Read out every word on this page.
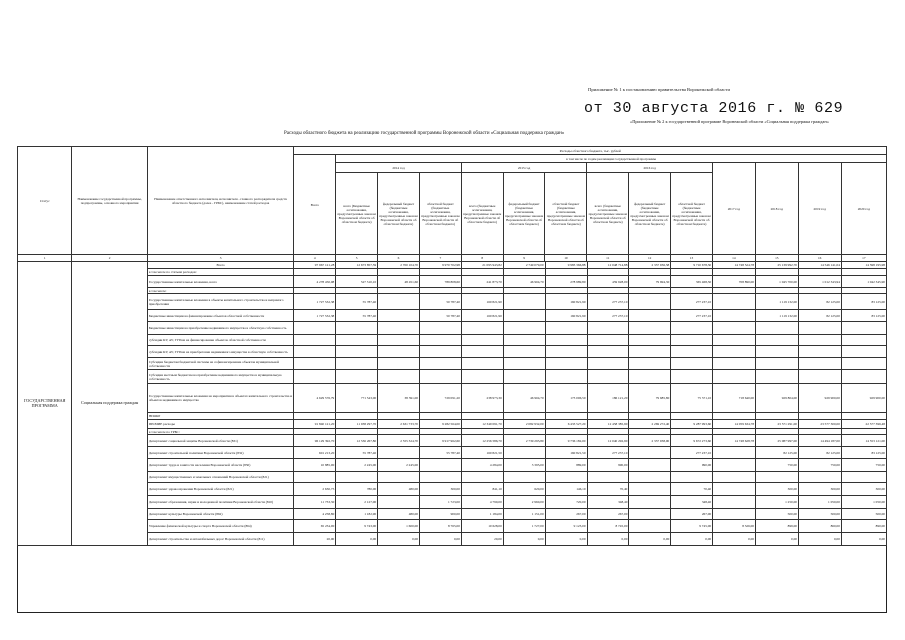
Приложение № 1 к постановлению правительства Воронежской области
от 30 августа 2016 г. № 629
«Приложение № 2 к государственной программе Воронежской области «Социальная поддержка граждан»
Расходы областного бюджета на реализацию государственной программы Воронежской области «Социальная поддержка граждан»
Статус	Наименование государственной программы, подпрограммы, основного мероприятия	Наименование ответственного исполнителя, исполнителя - главного распорядителя средств областного бюджета (далее - ГРБС), наименование статей расходов	Расходы областного бюджета, тыс. рублей													
			Всего	в том числе по годам реализации государственной программы												
				2014 год			2015 год			2016 год			2017 год	2018 год	2019 год	2020 год
				всего (Бюджетные ассигнования, предусмотренные законом Воронежской области об областном бюджете)	федеральный бюджет (бюджетные ассигнования, предусмотренные законом Воронежской области об областном бюджете)	областной бюджет (бюджетные ассигнования, предусмотренные законом Воронежской области об областном бюджете)	всего (бюджетные ассигнования, предусмотренные законом Воронежской области об областном бюджете)	федеральный бюджет (бюджетные ассигнования, предусмотренные законом Воронежской области об областном бюджете)	областной бюджет (бюджетные ассигнования, предусмотренные законом Воронежской области об областном бюджете)	всего (бюджетные ассигнования, предусмотренные законом Воронежской области об областном бюджете)	федеральный бюджет (бюджетные ассигнования, предусмотренные законом Воронежской области об областном бюджете)	областной бюджет (бюджетные ассигнования, предусмотренные законом Воронежской области об областном бюджете)				
1	2	3	4	5	6	7	8	9	10	11	12	13	14	15	16	17
ГОСУДАРСТВЕННАЯ ПРОГРАММА	Социальная поддержка граждан	Всего	97 967 121,28	12 673 857,59	2 700 104,70	9 970 702,98	21 095 943,82	2 749 079,00	9 983 366,88	12 048 714,88	2 337 936,58	9 710 678,30	14 748 524,78	25 139 992,70	14 546 141,04	14 598 195,98
		в том числе по статьям расходов:														
		Государственные капитальные вложения, всего	4 278 450,08	527 310,10	48 451,60	789 808,60	241 873,70	46 904,70	278 989,80	459 928,00	79 694,30	365 468,30	708 890,00	1 045 700,00	1 012 343,94	1 042 345,90
		в том числе:														
		Государственные капитальные вложения в объекты капитального строительства и непрямого приобретения	1 727 532,38	55 787,40		50 787,40	160 821,90		160 821,90	277 237,10		277 237,10		1 119 132,00	82 125,00	83 125,00
		Бюджетные инвестиции на финансирование объектов областной собственности	1 727 532,38	55 787,40		50 787,40	160 821,90		160 821,90	277 237,10		277 237,10		1 119 132,00	82 125,00	83 125,00
		Бюджетные инвестиции на приобретение недвижимого имущества в областную собственность														
		субсидии КУ, АУ, ГУПам на финансирование объектов областной собственности														
		субсидии КУ, АУ, ГУПам на приобретение недвижимого имущества в областную собственность														
		Субсидии бюджетам бюджетной системы на софинансирование объектов муниципальной собственности														
		Субсидии местным бюджетам на приобретение недвижимого имущества в муниципальную собственность														
		Государственные капитальные вложения на мероприятия в объектах капитального строительства и объектов недвижимого имущества	4 629 576,79	771 543,00	38 391,00	729 091,20	238 973,30	46 904,70	173 006,50	186 121,20	79 685,80	75 571,10	718 640,00	929 804,00	929 900,00	929 900,00
		НИОКР														
		ПРОЧИЕ расходы	91 840 121,20	11 938 297,70	2 631 733,70	9 282 564,00	12 349 091,70	2 082 932,00	6 433 527,20	12 458 385,90	2 269 272,40	9 287 993,60	14 059 634,78	23 571 291,00	23 577 300,00	22 577 396,48
		в том числе по ГРБС:														
		Департамент социальной защиты Воронежской области (831)	96 129 392,70	12 536 267,80	2 555 324,70	9 917 962,60	12 256 586,70	2 739 293,80	9 736 182,00	12 040 292,90	2 337 938,00	9 672 273,60	14 748 628,78	25 087 997,00	14 494 187,00	14 553 121,00
		Департамент строительной политики Воронежской области (832)	601 213,20	55 787,40		55 787,40	160 821,50		160 821,50	277 237,10		277 237,10		82 125,00	82 125,00	83 125,00
		Департамент труда и занятости населения Воронежской области (850)	10 885,00	2 245,00	2 245,00		4 284,00	3 395,00	889,00	990,00		990,00		750,00	750,00	750,00
		Департамент имущественных и земельных отношений Воронежской области (821)														
		Департамент здравоохранения Воронежской области (821)	2 630,75	780,00	480,00	300,00	841,10	620,00	146,10	70,40		70,40		300,00	300,00	300,00
		Департамент образования, науки и молодежной политики Воронежской области (810)	11 733,30	2 127,00		1 723,00	4 790,00	2 960,00	720,00	348,40		348,40		1 250,00	1 050,00	1 050,00
		Департамент культуры Воронежской области (862)	4 258,80	1 182,90	480,00	900,00	1 184,00	1 151,00	267,00	267,00		267,00		500,00	500,00	500,00
		Управление физической культуры и спорта Воронежской области (864)	65 234,00	9 743,00	1 600,00	8 765,00	10 628,00	1 727,00	9 123,00	8 745,00		9 745,00	8 326,00	899,00	860,00	890,00
		Департамент строительства и автомобильных дорог Воронежской области (811)	20,00	0,00	0,00	0,00	20,00	0,00	0,00	0,00	0,00	0,00	0,00	0,00	0,00	0,00
